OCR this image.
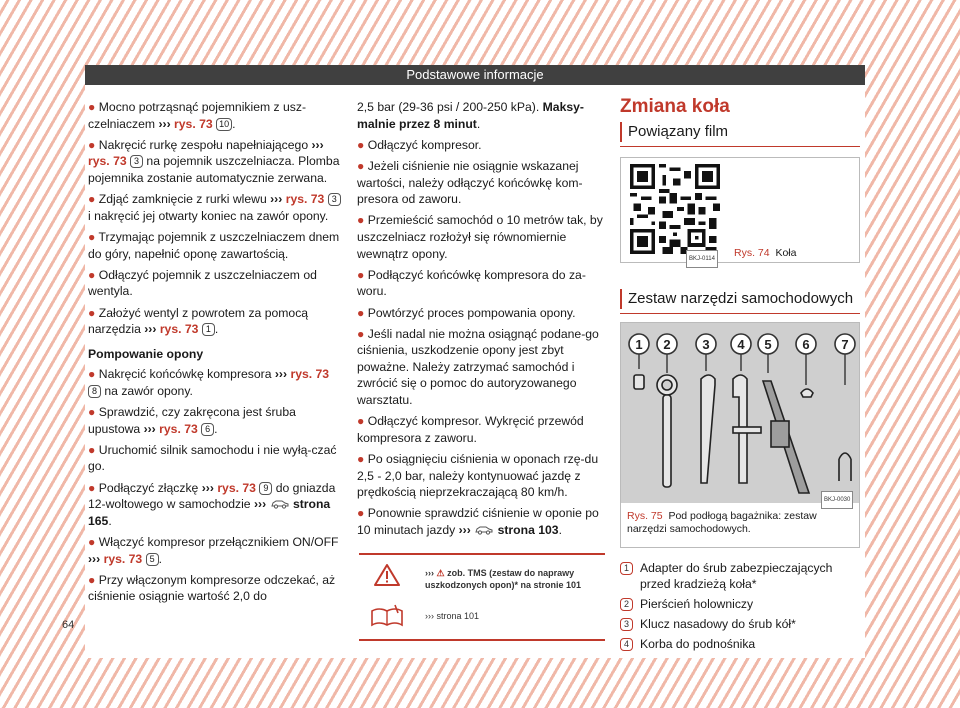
Podstawowe informacje
● Mocno potrząsnąć pojemnikiem z usz-czelniaczem ››› rys. 73 10 .
● Nakręcić rurkę zespołu napełniającego ››› rys. 73 3 na pojemnik uszczelniacza. Plomba pojemnika zostanie automatycznie zerwana.
● Zdjąć zamknięcie z rurki wlewu ››› rys. 73 3 i nakręcić jej otwarty koniec na zawór opony.
● Trzymając pojemnik z uszczelniaczem dnem do góry, napełnić oponę zawartością.
● Odłączyć pojemnik z uszczelniaczem od wentyla.
● Założyć wentyl z powrotem za pomocą narzędzia ››› rys. 73 1 .
Pompowanie opony
● Nakręcić końcówkę kompresora ››› rys. 73 8 na zawór opony.
● Sprawdzić, czy zakręcona jest śruba upustowa ››› rys. 73 6 .
● Uruchomić silnik samochodu i nie wyłą-czać go.
● Podłączyć złączkę ››› rys. 73 9 do gniazda 12-woltowego w samochodzie ››› strona 165.
● Włączyć kompresor przełącznikiem ON/OFF ››› rys. 73 5 .
● Przy włączonym kompresorze odczekać, aż ciśnienie osiągnie wartość 2,0 do
2,5 bar (29-36 psi / 200-250 kPa). Maksy-malnie przez 8 minut.
● Odłączyć kompresor.
● Jeżeli ciśnienie nie osiągnie wskazanej wartości, należy odłączyć końcówkę kom-presora od zaworu.
● Przemieścić samochód o 10 metrów tak, by uszczelniacz rozłożył się równomiernie wewnątrz opony.
● Podłączyć końcówkę kompresora do za-woru.
● Powtórzyć proces pompowania opony.
● Jeśli nadal nie można osiągnąć podane-go ciśnienia, uszkodzenie opony jest zbyt poważne. Należy zatrzymać samochód i zwrócić się o pomoc do autoryzowanego warsztatu.
● Odłączyć kompresor. Wykręcić przewód kompresora z zaworu.
● Po osiągnięciu ciśnienia w oponach rzę-du 2,5 - 2,0 bar, należy kontynuować jazdę z prędkością nieprzekraczającą 80 km/h.
● Ponownie sprawdzić ciśnienie w oponie po 10 minutach jazdy ››› strona 103.
››› ⚠ zob. TMS (zestaw do naprawy
uszkodzonych opon)* na stronie 101
››› strona 101
Zmiana koła
Powiązany film
BKJ-0114 Rys. 74 Koła
Zestaw narzędzi samochodowych
1 2 3 4 5 6 7
BKJ-0030
Rys. 75 Pod podłogą bagażnika: zestaw narzędzi samochodowych.
1 Adapter do śrub zabezpieczających przed kradzieżą koła*
2 Pierścień holowniczy
3 Klucz nasadowy do śrub kół*
4 Korba do podnośnika
64
